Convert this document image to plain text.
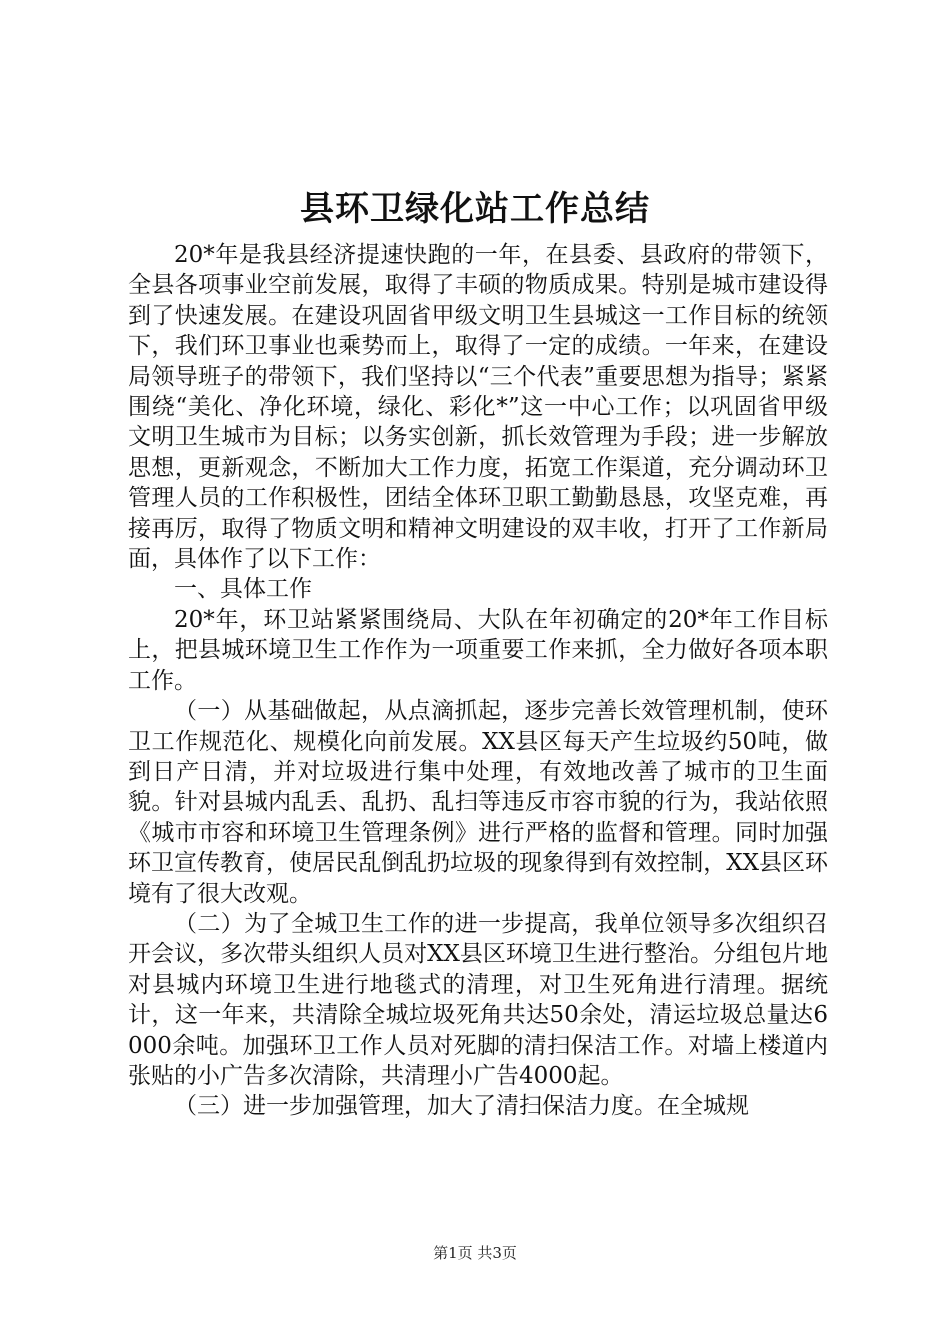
县环卫绿化站工作总结

20*年是我县经济提速快跑的一年，在县委、县政府的带领下，全县各项事业空前发展，取得了丰硕的物质成果。特别是城市建设得到了快速发展。在建设巩固省甲级文明卫生县城这一工作目标的统领下，我们环卫事业也乘势而上，取得了一定的成绩。一年来，在建设局领导班子的带领下，我们坚持以“三个代表”重要思想为指导；紧紧围绕“美化、净化环境，绿化、彩化*”这一中心工作；以巩固省甲级文明卫生城市为目标；以务实创新，抓长效管理为手段；进一步解放思想，更新观念，不断加大工作力度，拓宽工作渠道，充分调动环卫管理人员的工作积极性，团结全体环卫职工勤勤恳恳，攻坚克难，再接再厉，取得了物质文明和精神文明建设的双丰收，打开了工作新局面，具体作了以下工作：

一、具体工作

20*年，环卫站紧紧围绕局、大队在年初确定的20*年工作目标上，把县城环境卫生工作作为一项重要工作来抓，全力做好各项本职工作。

（一）从基础做起，从点滴抓起，逐步完善长效管理机制，使环卫工作规范化、规模化向前发展。XX县区每天产生垃圾约50吨，做到日产日清，并对垃圾进行集中处理，有效地改善了城市的卫生面貌。针对县城内乱丢、乱扔、乱扫等违反市容市貌的行为，我站依照《城市市容和环境卫生管理条例》进行严格的监督和管理。同时加强环卫宣传教育，使居民乱倒乱扔垃圾的现象得到有效控制，XX县区环境有了很大改观。

（二）为了全城卫生工作的进一步提高，我单位领导多次组织召开会议，多次带头组织人员对XX县区环境卫生进行整治。分组包片地对县城内环境卫生进行地毯式的清理，对卫生死角进行清理。据统计，这一年来，共清除全城垃圾死角共达50余处，清运垃圾总量达6000余吨。加强环卫工作人员对死脚的清扫保洁工作。对墙上楼道内张贴的小广告多次清除，共清理小广告4000起。

（三）进一步加强管理，加大了清扫保洁力度。在全城规

第1页 共3页
